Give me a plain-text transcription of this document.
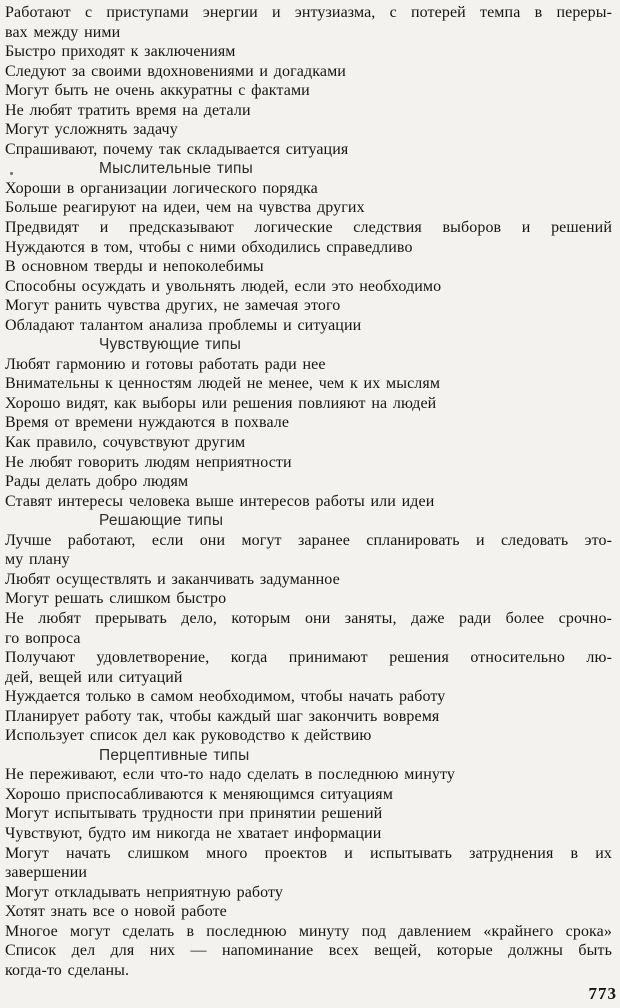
Работают с приступами энергии и энтузиазма, с потерей темпа в переры-
вах между ними
Быстро приходят к заключениям
Следуют за своими вдохновениями и догадками
Могут быть не очень аккуратны с фактами
Не любят тратить время на детали
Могут усложнять задачу
Спрашивают, почему так складывается ситуация
Мыслительные типы
Хороши в организации логического порядка
Больше реагируют на идеи, чем на чувства других
Предвидят и предсказывают логические следствия выборов и решений
Нуждаются в том, чтобы с ними обходились справедливо
В основном тверды и непоколебимы
Способны осуждать и увольнять людей, если это необходимо
Могут ранить чувства других, не замечая этого
Обладают талантом анализа проблемы и ситуации
Чувствующие типы
Любят гармонию и готовы работать ради нее
Внимательны к ценностям людей не менее, чем к их мыслям
Хорошо видят, как выборы или решения повлияют на людей
Время от времени нуждаются в похвале
Как правило, сочувствуют другим
Не любят говорить людям неприятности
Рады делать добро людям
Ставят интересы человека выше интересов работы или идеи
Решающие типы
Лучше работают, если они могут заранее спланировать и следовать это-
му плану
Любят осуществлять и заканчивать задуманное
Могут решать слишком быстро
Не любят прерывать дело, которым они заняты, даже ради более срочно-
го вопроса
Получают удовлетворение, когда принимают решения относительно лю-
дей, вещей или ситуаций
Нуждается только в самом необходимом, чтобы начать работу
Планирует работу так, чтобы каждый шаг закончить вовремя
Использует список дел как руководство к действию
Перцептивные типы
Не переживают, если что-то надо сделать в последнюю минуту
Хорошо приспосабливаются к меняющимся ситуациям
Могут испытывать трудности при принятии решений
Чувствуют, будто им никогда не хватает информации
Могут начать слишком много проектов и испытывать затруднения в их
завершении
Могут откладывать неприятную работу
Хотят знать все о новой работе
Многое могут сделать в последнюю минуту под давлением «крайнего срока»
Список дел для них — напоминание всех вещей, которые должны быть
когда-то сделаны.
773
